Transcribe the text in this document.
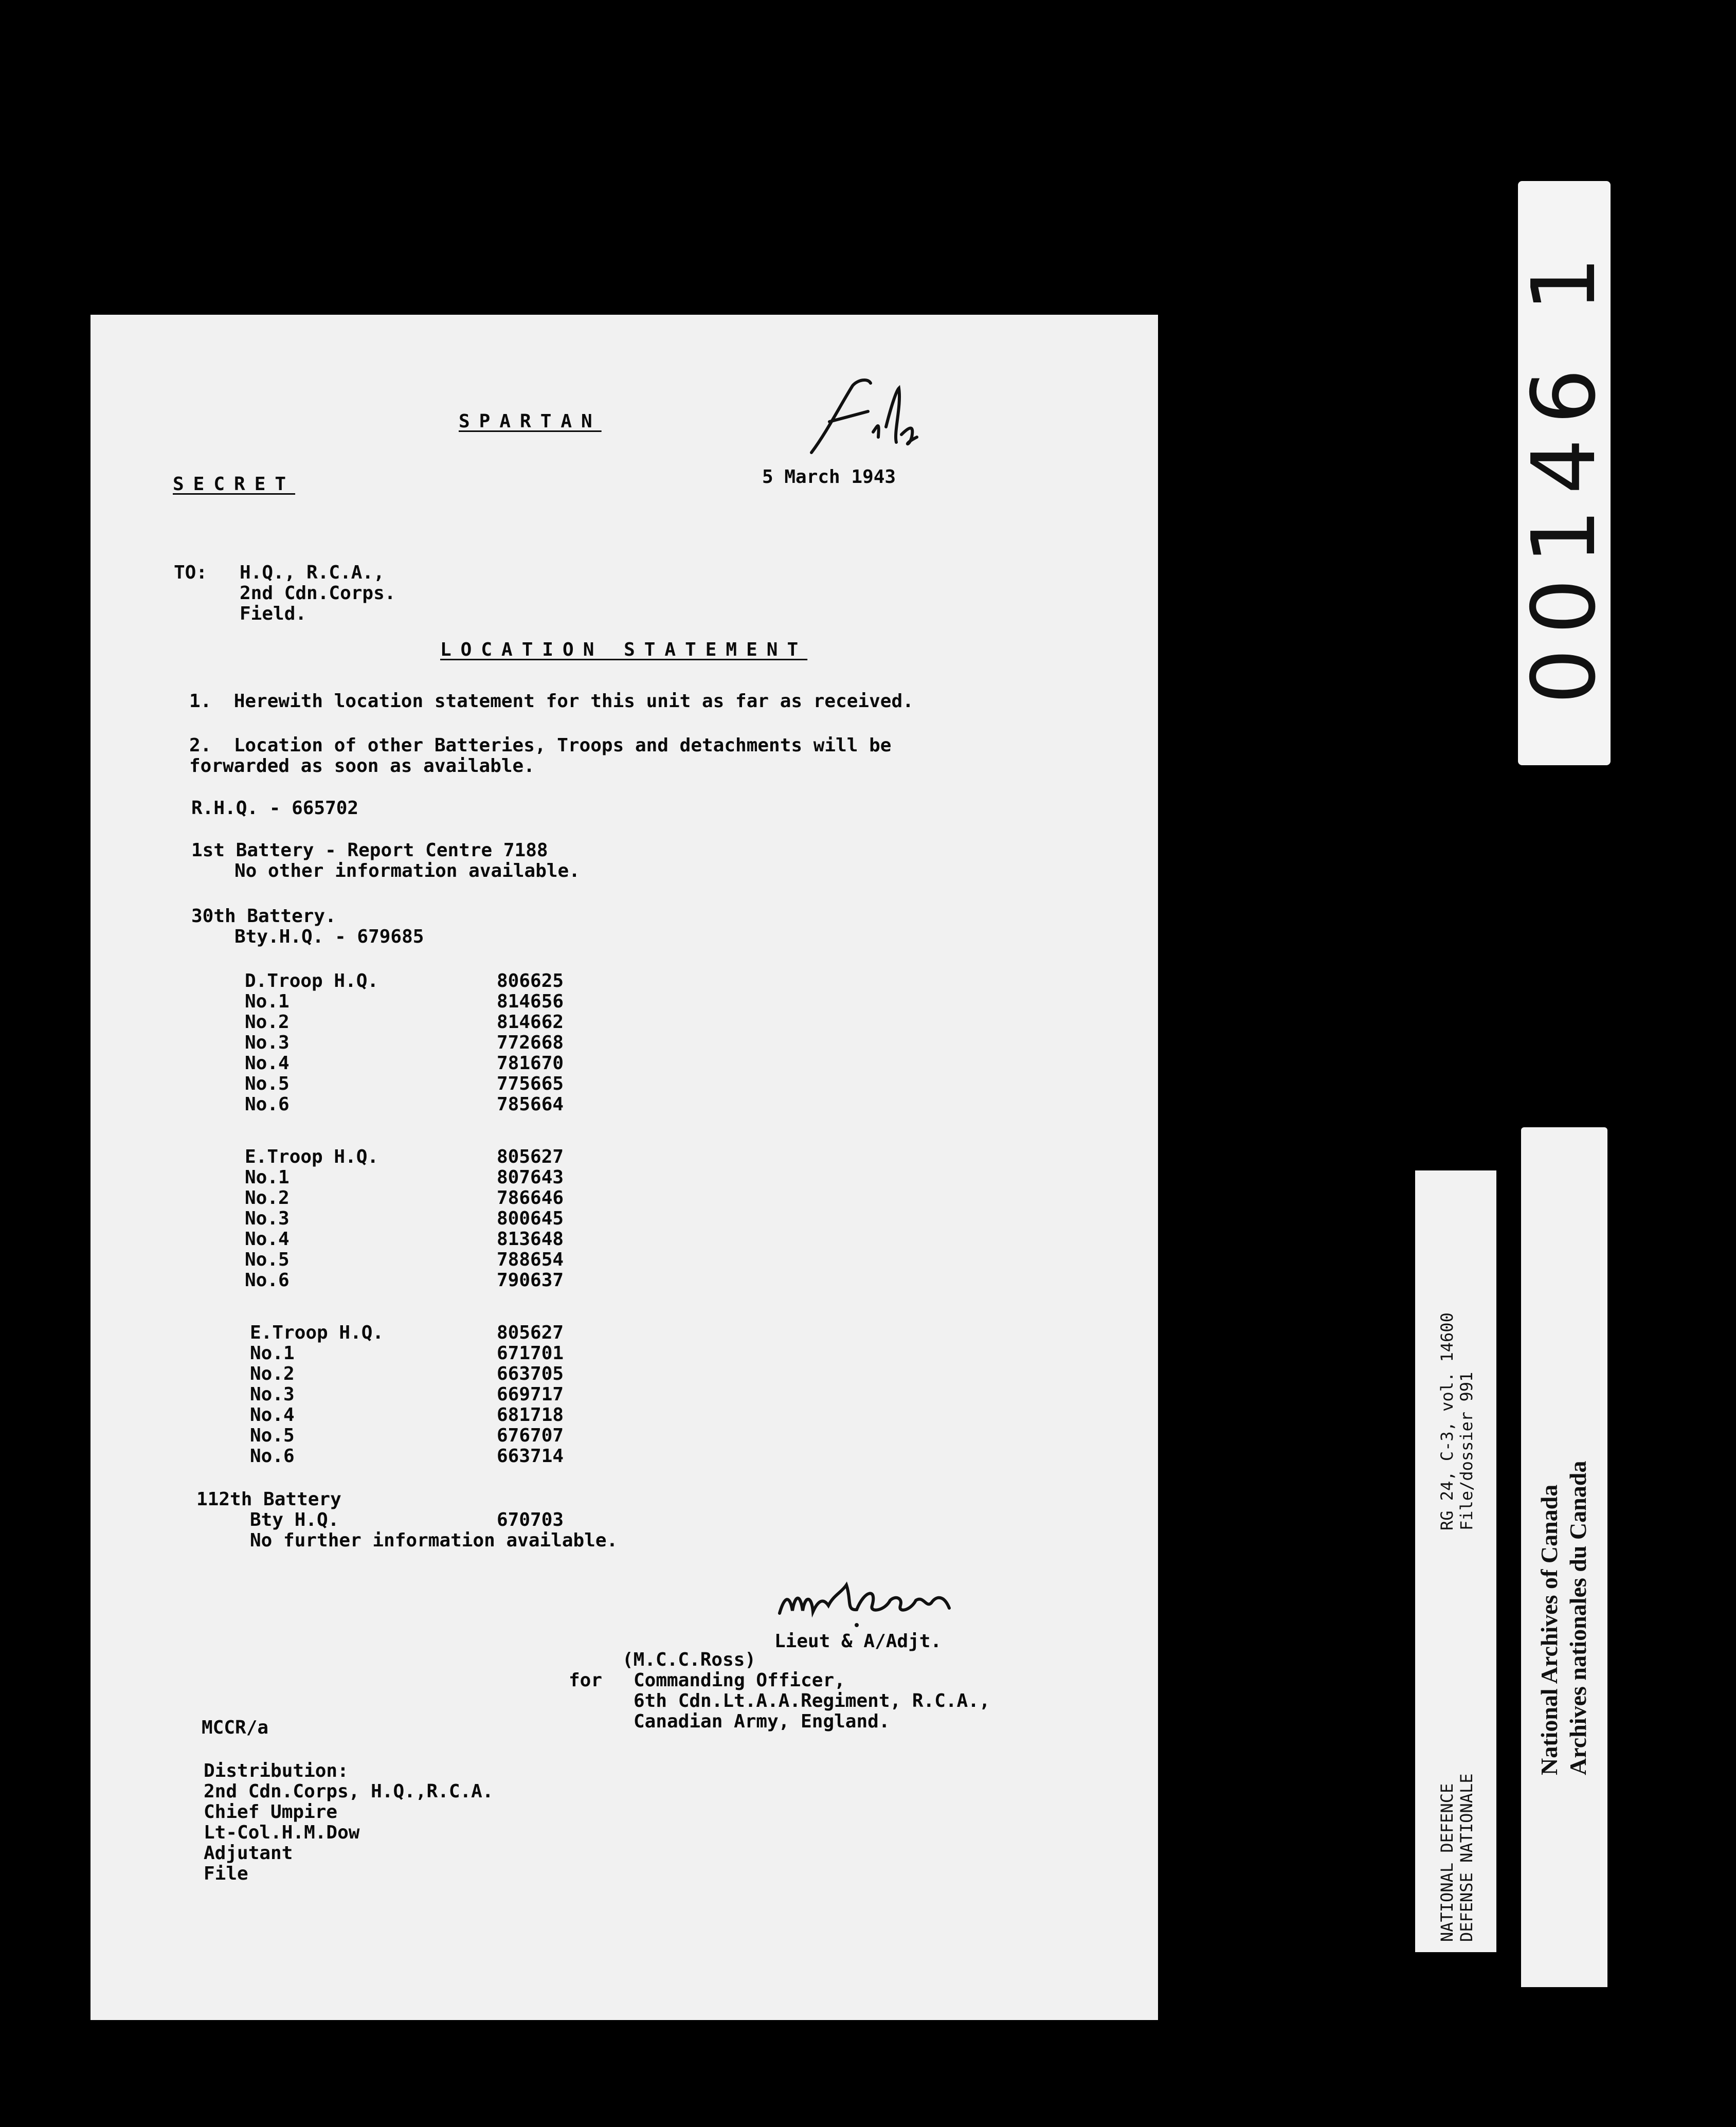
SPARTAN
SECRET	5 March 1943
TO: H.Q., R.C.A.,
2nd Cdn.Corps.
Field.
LOCATION STATEMENT
1.  Herewith location statement for this unit as far as received.
2.  Location of other Batteries, Troops and detachments will be
forwarded as soon as available.
R.H.Q. - 665702
1st Battery - Report Centre 7188
No other information available.
30th Battery.
Bty.H.Q. - 679685
D.Troop H.Q.	806625
No.1	814656
No.2	814662
No.3	772668
No.4	781670
No.5	775665
No.6	785664
E.Troop H.Q.	805627
No.1	807643
No.2	786646
No.3	800645
No.4	813648
No.5	788654
No.6	790637
E.Troop H.Q.	805627
No.1	671701
No.2	663705
No.3	669717
No.4	681718
No.5	676707
No.6	663714
112th Battery
Bty H.Q.	670703
No further information available.
Lieut & A/Adjt.
(M.C.C.Ross)
for Commanding Officer,
6th Cdn.Lt.A.A.Regiment, R.C.A.,
Canadian Army, England.
MCCR/a
Distribution:
2nd Cdn.Corps, H.Q.,R.C.A.
Chief Umpire
Lt-Col.H.M.Dow
Adjutant
File
00146 1
RG 24, C-3, vol. 14600 File/dossier 991
NATIONAL DEFENCE DEFENSE NATIONALE
National Archives of Canada Archives nationales du Canada
